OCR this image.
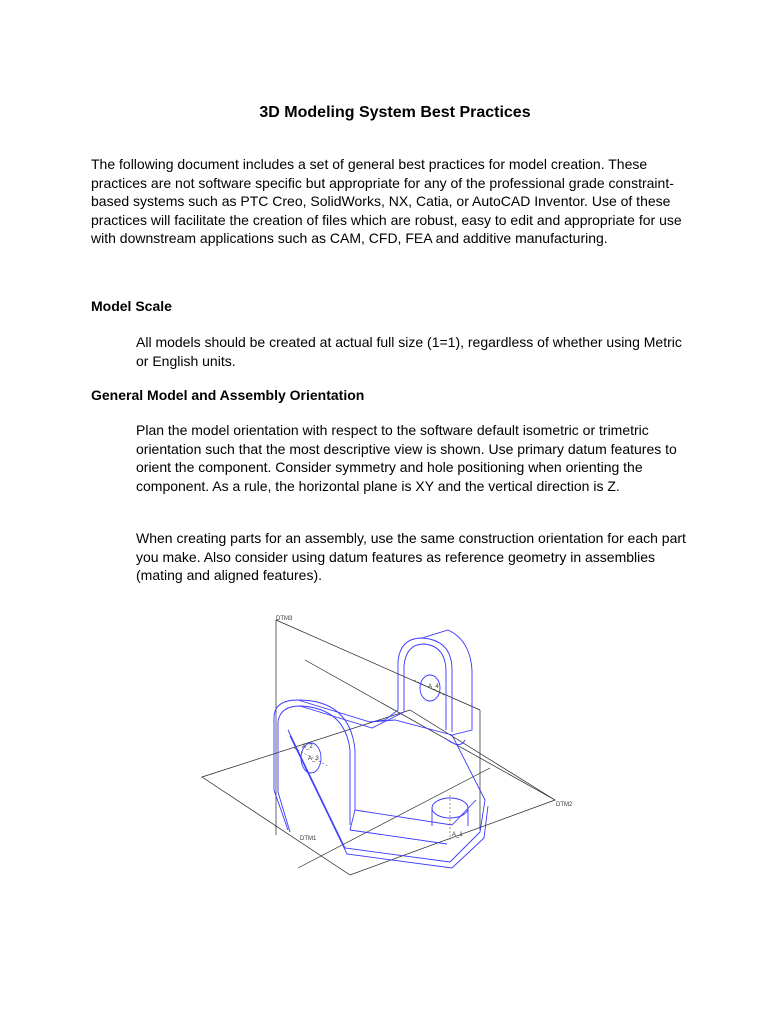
3D Modeling System Best Practices

The following document includes a set of general best practices for model creation. These practices are not software specific but appropriate for any of the professional grade constraint-based systems such as PTC Creo, SolidWorks, NX, Catia, or AutoCAD Inventor. Use of these practices will facilitate the creation of files which are robust, easy to edit and appropriate for use with downstream applications such as CAM, CFD, FEA and additive manufacturing.

Model Scale

All models should be created at actual full size (1=1), regardless of whether using Metric or English units.

General Model and Assembly Orientation

Plan the model orientation with respect to the software default isometric or trimetric orientation such that the most descriptive view is shown. Use primary datum features to orient the component. Consider symmetry and hole positioning when orienting the component. As a rule, the horizontal plane is XY and the vertical direction is Z.

When creating parts for an assembly, use the same construction orientation for each part you make. Also consider using datum features as reference geometry in assemblies (mating and aligned features).

DTM3
DTM2
DTM1
A_2
A_3
A_4
A_1
